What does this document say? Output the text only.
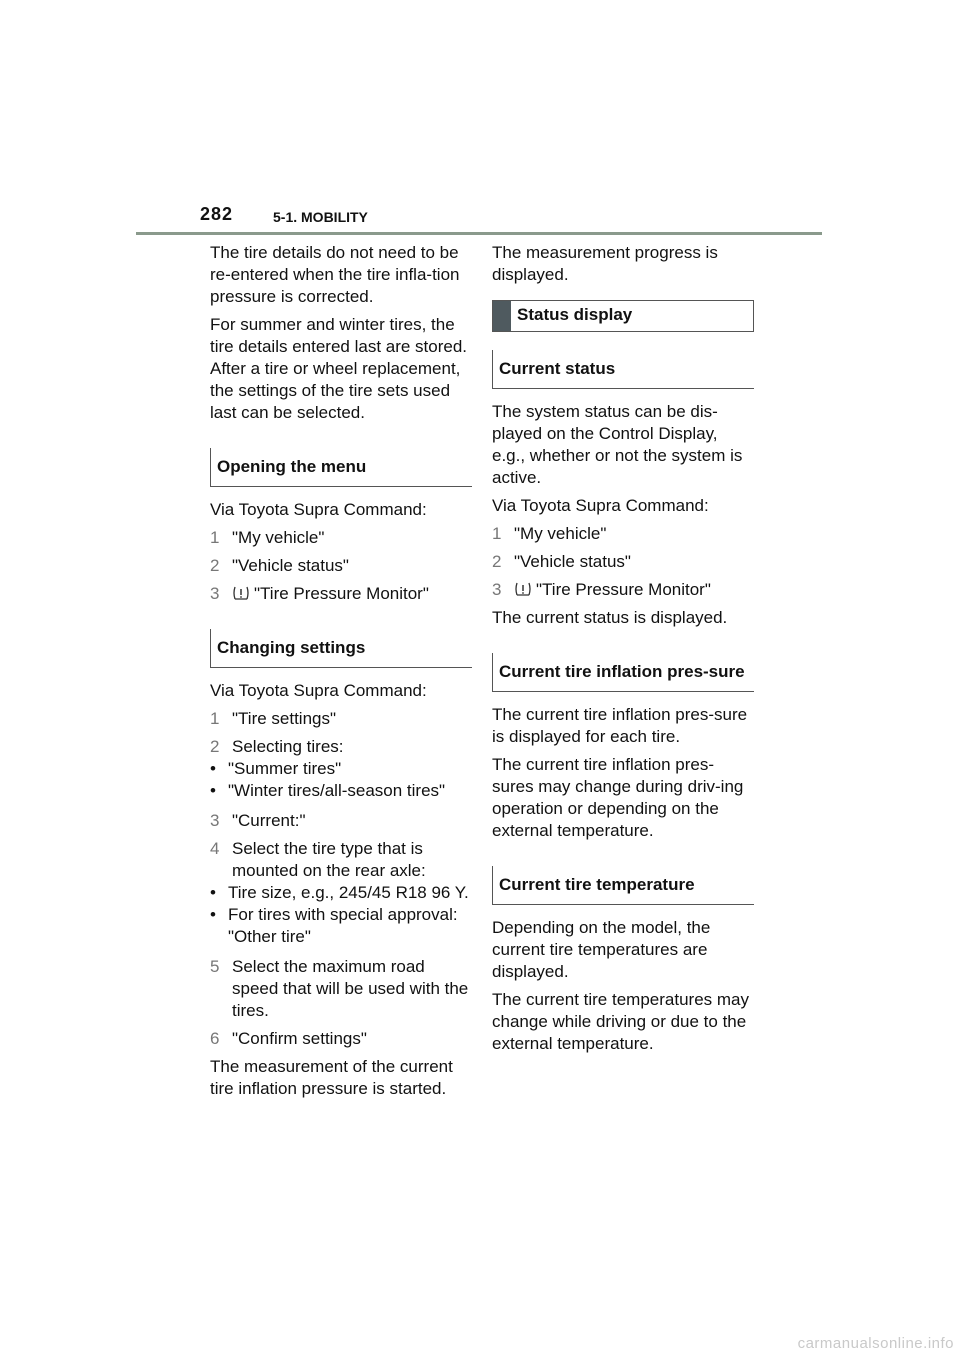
282	5-1. MOBILITY

The tire details do not need to be re-entered when the tire infla-tion pressure is corrected.

For summer and winter tires, the tire details entered last are stored. After a tire or wheel replacement, the settings of the tire sets used last can be selected.

Opening the menu

Via Toyota Supra Command:

1 "My vehicle"
2 "Vehicle status"
3	"Tire Pressure Monitor"
Changing settings

Via Toyota Supra Command:

1 "Tire settings"
2 Selecting tires:
• "Summer tires"
• "Winter tires/all-season tires"
3 "Current:"
4 Select the tire type that is mounted on the rear axle:
• Tire size, e.g., 245/45 R18 96 Y.
• For tires with special approval: "Other tire"
5 Select the maximum road speed that will be used with the tires.
6 "Confirm settings"

The measurement of the current tire inflation pressure is started.

The measurement progress is displayed.

Status display
Current status

The system status can be dis-played on the Control Display, e.g., whether or not the system is active.

Via Toyota Supra Command:

1 "My vehicle"
2 "Vehicle status"
3	"Tire Pressure Monitor"

The current status is displayed.

Current tire inflation pres-sure

The current tire inflation pres-sure is displayed for each tire.

The current tire inflation pres-sures may change during driv-ing operation or depending on the external temperature.

Current tire temperature

Depending on the model, the current tire temperatures are displayed.

The current tire temperatures may change while driving or due to the external temperature.

carmanualsonline.info
